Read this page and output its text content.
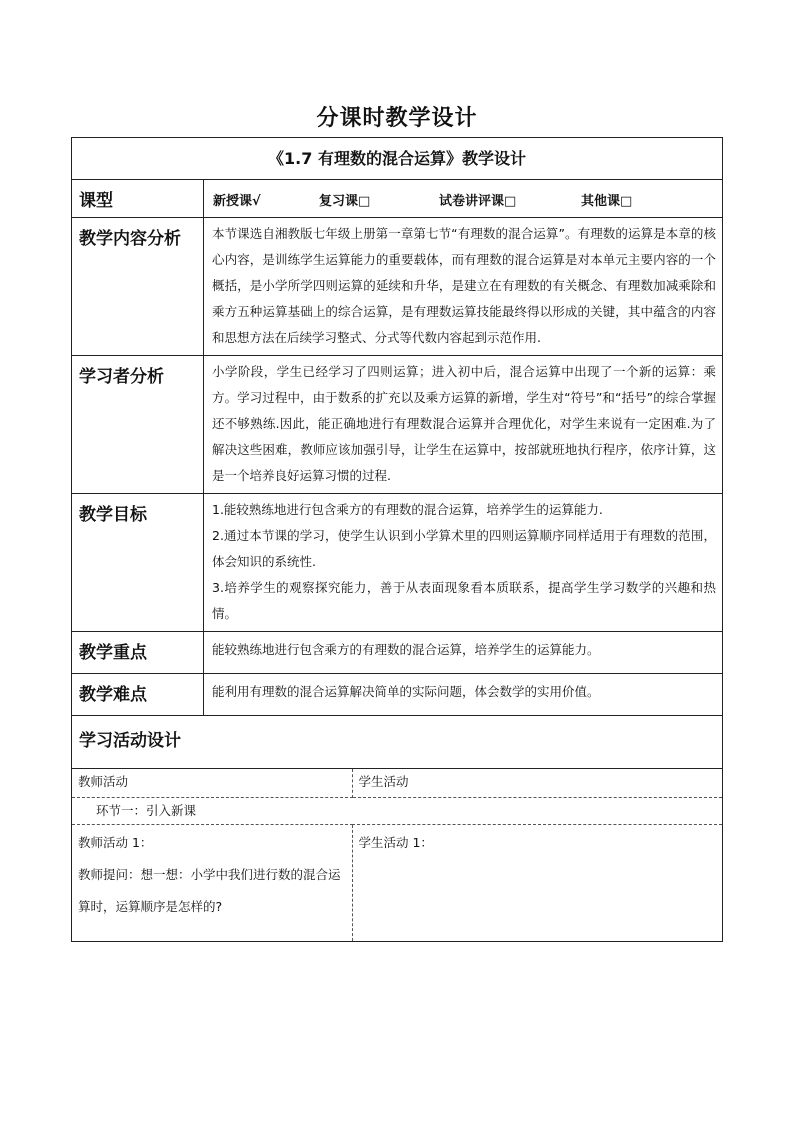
分课时教学设计
《1.7 有理数的混合运算》教学设计
课型	新授课√	复习课□	试卷讲评课□	其他课□
教学内容分析	本节课选自湘教版七年级上册第一章第七节“有理数的混合运算”。有理数的运算是本章的核心内容，是训练学生运算能力的重要载体，而有理数的混合运算是对本单元主要内容的一个概括，是小学所学四则运算的延续和升华，是建立在有理数的有关概念、有理数加减乘除和乘方五种运算基础上的综合运算，是有理数运算技能最终得以形成的关键，其中蕴含的内容和思想方法在后续学习整式、分式等代数内容起到示范作用.
学习者分析	小学阶段，学生已经学习了四则运算；进入初中后，混合运算中出现了一个新的运算：乘方。学习过程中，由于数系的扩充以及乘方运算的新增，学生对“符号”和“括号”的综合掌握还不够熟练.因此，能正确地进行有理数混合运算并合理优化，对学生来说有一定困难.为了解决这些困难，教师应该加强引导，让学生在运算中，按部就班地执行程序，依序计算，这是一个培养良好运算习惯的过程.
教学目标	1.能较熟练地进行包含乘方的有理数的混合运算，培养学生的运算能力.

2.通过本节课的学习，使学生认识到小学算术里的四则运算顺序同样适用于有理数的范围，体会知识的系统性.

3.培养学生的观察探究能力，善于从表面现象看本质联系，提高学生学习数学的兴趣和热情。

教学重点	能较熟练地进行包含乘方的有理数的混合运算，培养学生的运算能力。
教学难点	能利用有理数的混合运算解决简单的实际问题，体会数学的实用价值。
学习活动设计

教师活动	学生活动
环节一：引入新课

教师活动 1：

教师提问：想一想：小学中我们进行数的混合运算时，运算顺序是怎样的?

学生活动 1：
